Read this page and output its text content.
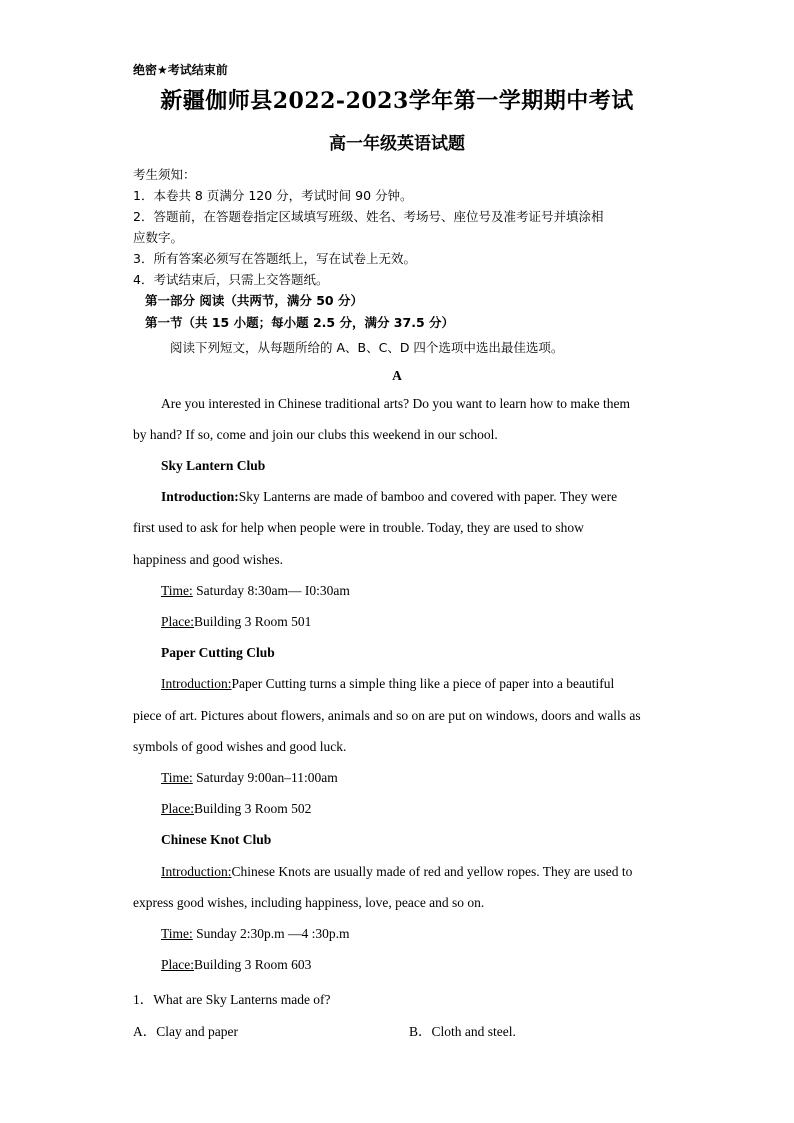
绝密★考试结束前
新疆伽师县2022-2023学年第一学期期中考试
高一年级英语试题
考生须知：
1．本卷共 8 页满分 120 分，考试时间 90 分钟。
2．答题前，在答题卷指定区域填写班级、姓名、考场号、座位号及准考证号并填涂相
应数字。
3．所有答案必须写在答题纸上，写在试卷上无效。
4．考试结束后，只需上交答题纸。
第一部分 阅读（共两节，满分 50 分）
第一节（共 15 小题；每小题 2.5 分，满分 37.5 分）
阅读下列短文，从每题所给的 A、B、C、D 四个选项中选出最佳选项。
A
Are you interested in Chinese traditional arts? Do you want to learn how to make them
by hand? If so, come and join our clubs this weekend in our school.
Sky Lantern Club
Introduction:Sky Lanterns are made of bamboo and covered with paper. They were
first used to ask for help when people were in trouble. Today, they are used to show
happiness and good wishes.
Time: Saturday 8:30am— I0:30am
Place:Building 3 Room 501
Paper Cutting Club
Introduction:Paper Cutting turns a simple thing like a piece of paper into a beautiful
piece of art. Pictures about flowers, animals and so on are put on windows, doors and walls as
symbols of good wishes and good luck.
Time: Saturday 9:00an–11:00am
Place:Building 3 Room 502
Chinese Knot Club
Introduction:Chinese Knots are usually made of red and yellow ropes. They are used to
express good wishes, including happiness, love, peace and so on.
Time: Sunday 2:30p.m —4 :30p.m
Place:Building 3 Room 603
1．What are Sky Lanterns made of?
A．Clay and paper	B．Cloth and steel.
